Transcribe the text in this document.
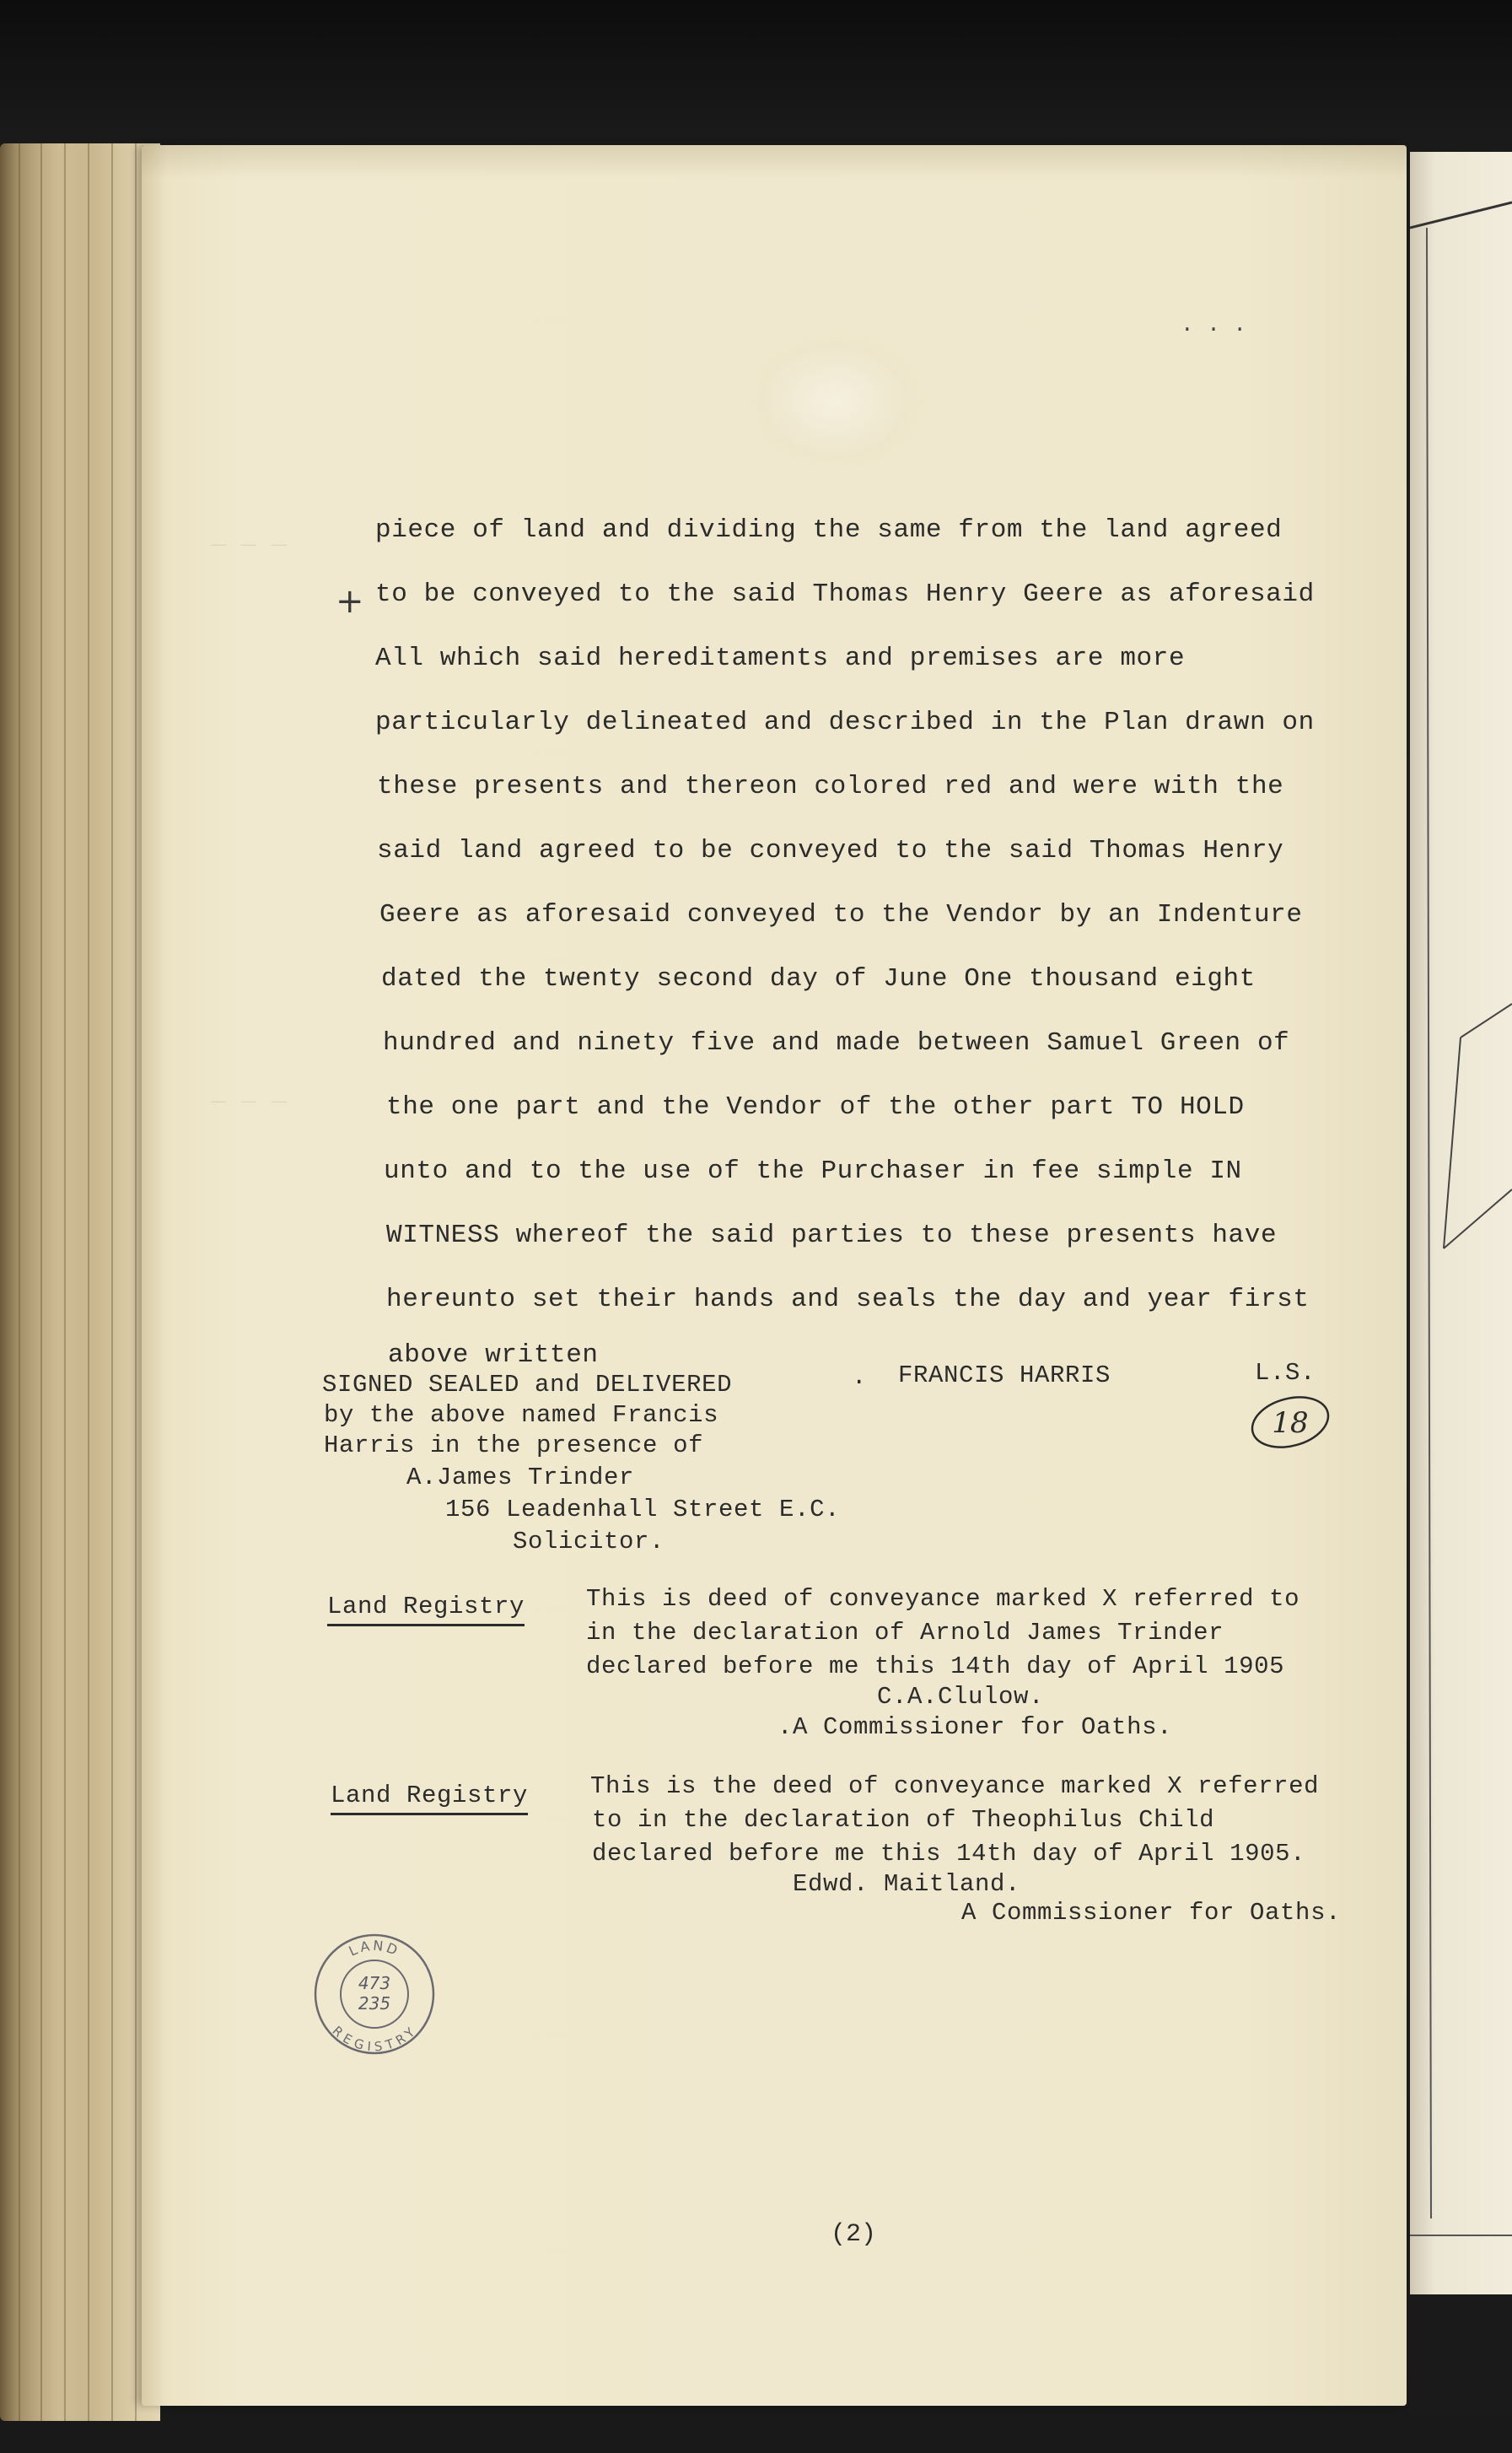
. . .
_ _ _
_ _ _
+
piece of land and dividing the same from the land agreed
to be conveyed to the said Thomas Henry Geere as aforesaid
All which said hereditaments and premises are more
particularly delineated and described in the Plan drawn on
these presents and thereon colored red and were with the
said land agreed to be conveyed to the said Thomas Henry
Geere as aforesaid conveyed to the Vendor by an Indenture
dated the twenty second day of June One thousand eight
hundred and ninety five and made between Samuel Green of
the one part and the Vendor of the other part TO HOLD
unto and to the use of the Purchaser in fee simple IN
WITNESS whereof the said parties to these presents have
hereunto set their hands and seals the day and year first
above written
SIGNED SEALED and DELIVERED
by the above named Francis
Harris in the presence of
A.James Trinder
156 Leadenhall Street E.C.
Solicitor.
FRANCIS HARRIS
.	L.S.
18
Land Registry	This is deed of conveyance marked X referred to
in the declaration of Arnold James Trinder
declared before me this 14th day of April 1905
C.A.Clulow.
.A Commissioner for Oaths.
Land Registry	This is the deed of conveyance marked X referred
to in the declaration of Theophilus Child
declared before me this 14th day of April 1905.
Edwd. Maitland.
A Commissioner for Oaths.
LAND
REGISTRY
473
235
(2)
